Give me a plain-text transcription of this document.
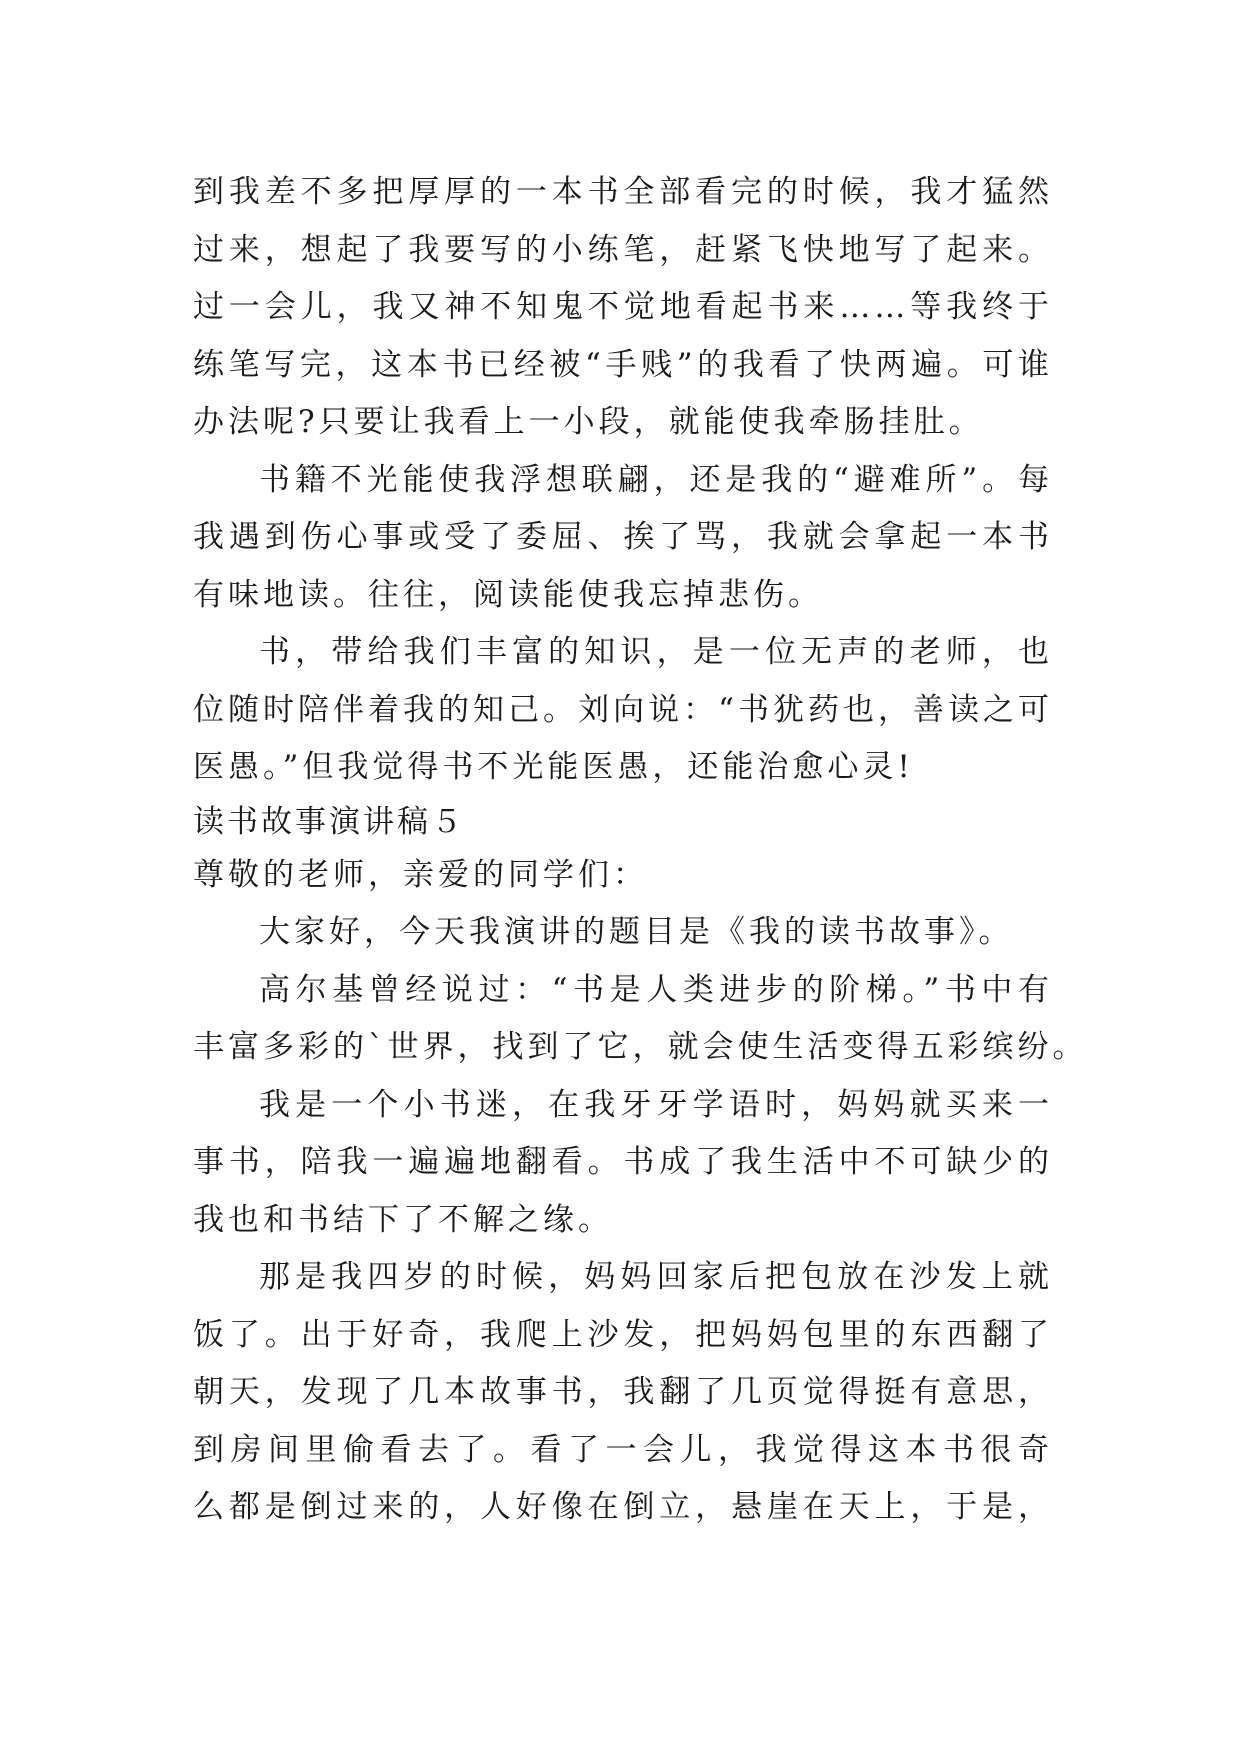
到我差不多把厚厚的一本书全部看完的时候，我才猛然
过来，想起了我要写的小练笔，赶紧飞快地写了起来。
过一会儿，我又神不知鬼不觉地看起书来……等我终于
练笔写完，这本书已经被“手贱”的我看了快两遍。可谁
办法呢?只要让我看上一小段，就能使我牵肠挂肚。
书籍不光能使我浮想联翩，还是我的“避难所”。每
我遇到伤心事或受了委屈、挨了骂，我就会拿起一本书
有味地读。往往，阅读能使我忘掉悲伤。
书，带给我们丰富的知识，是一位无声的老师，也
位随时陪伴着我的知己。刘向说：“书犹药也，善读之可
医愚。”但我觉得书不光能医愚，还能治愈心灵!
读书故事演讲稿５
尊敬的老师，亲爱的同学们：
大家好，今天我演讲的题目是《我的读书故事》。
高尔基曾经说过：“书是人类进步的阶梯。”书中有
丰富多彩的`世界，找到了它，就会使生活变得五彩缤纷。
我是一个小书迷，在我牙牙学语时，妈妈就买来一
事书，陪我一遍遍地翻看。书成了我生活中不可缺少的
我也和书结下了不解之缘。
那是我四岁的时候，妈妈回家后把包放在沙发上就
饭了。出于好奇，我爬上沙发，把妈妈包里的东西翻了
朝天，发现了几本故事书，我翻了几页觉得挺有意思，
到房间里偷看去了。看了一会儿，我觉得这本书很奇
么都是倒过来的，人好像在倒立，悬崖在天上，于是，
